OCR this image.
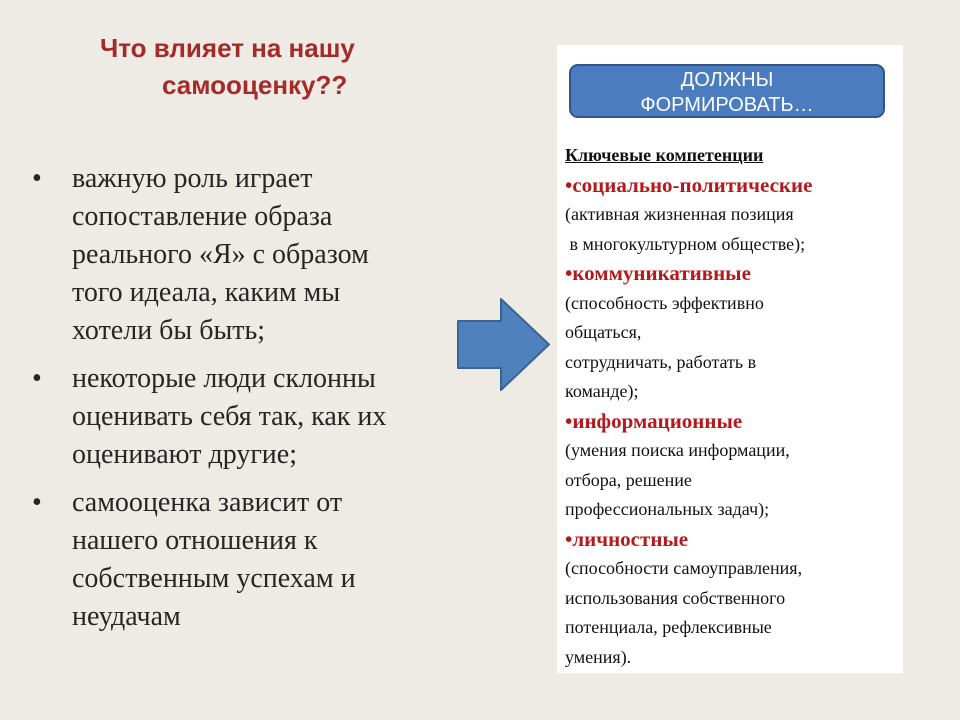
Что влияет на нашу
самооценку??
• важную роль играет
сопоставление образа
реального «Я» с образом
того идеала, каким мы
хотели бы быть;
• некоторые люди склонны
оценивать себя так, как их
оценивают другие;
• самооценка зависит от
нашего отношения к
собственным успехам и
неудачам
ДОЛЖНЫ
ФОРМИРОВАТЬ…
Ключевые компетенции
•социально-политические
(активная жизненная позиция
в многокультурном обществе);
•коммуникативные
(способность эффективно
общаться,
сотрудничать, работать в
команде);
•информационные
(умения поиска информации,
отбора, решение
профессиональных задач);
•личностные
(способности самоуправления,
использования собственного
потенциала, рефлексивные
умения).
